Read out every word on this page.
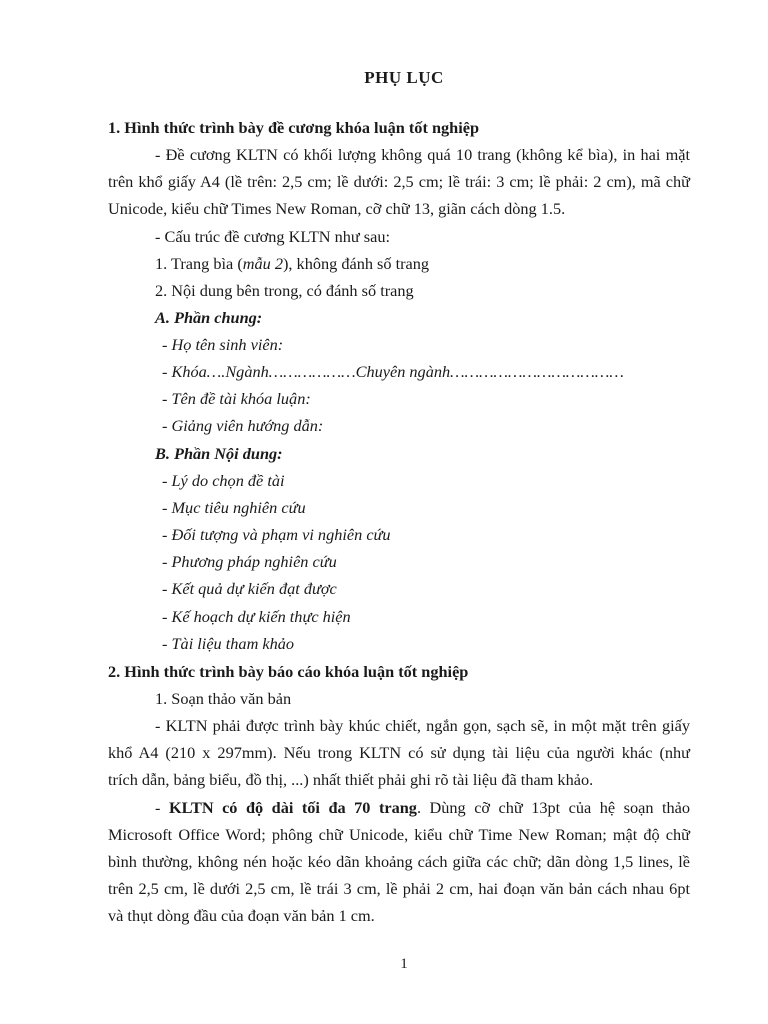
PHỤ LỤC
1. Hình thức trình bày đề cương khóa luận tốt nghiệp
- Đề cương KLTN có khối lượng không quá 10 trang (không kể bìa), in hai mặt
trên khổ giấy A4 (lề trên: 2,5 cm; lề dưới: 2,5 cm; lề trái: 3 cm; lề phải: 2 cm), mã chữ
Unicode, kiểu chữ Times New Roman, cỡ chữ 13, giãn cách dòng 1.5.
- Cấu trúc đề cương KLTN như sau:
1. Trang bìa (mẫu 2), không đánh số trang
2. Nội dung bên trong, có đánh số trang
A. Phần chung:
- Họ tên sinh viên:
- Khóa….Ngành………………Chuyên ngành………………………………
- Tên đề tài khóa luận:
- Giảng viên hướng dẫn:
B. Phần Nội dung:
- Lý do chọn đề tài
- Mục tiêu nghiên cứu
- Đối tượng và phạm vi nghiên cứu
- Phương pháp nghiên cứu
- Kết quả dự kiến đạt được
- Kế hoạch dự kiến thực hiện
- Tài liệu tham khảo
2. Hình thức trình bày báo cáo khóa luận tốt nghiệp
1. Soạn thảo văn bản
- KLTN phải được trình bày khúc chiết, ngắn gọn, sạch sẽ, in một mặt trên giấy
khổ A4 (210 x 297mm). Nếu trong KLTN có sử dụng tài liệu của người khác (như
trích dẫn, bảng biểu, đồ thị, ...) nhất thiết phải ghi rõ tài liệu đã tham khảo.
- KLTN có độ dài tối đa 70 trang. Dùng cỡ chữ 13pt của hệ soạn thảo
Microsoft Office Word; phông chữ Unicode, kiểu chữ Time New Roman; mật độ chữ
bình thường, không nén hoặc kéo dãn khoảng cách giữa các chữ; dãn dòng 1,5 lines, lề
trên 2,5 cm, lề dưới 2,5 cm, lề trái 3 cm, lề phải 2 cm, hai đoạn văn bản cách nhau 6pt
và thụt dòng đầu của đoạn văn bản 1 cm.
1
